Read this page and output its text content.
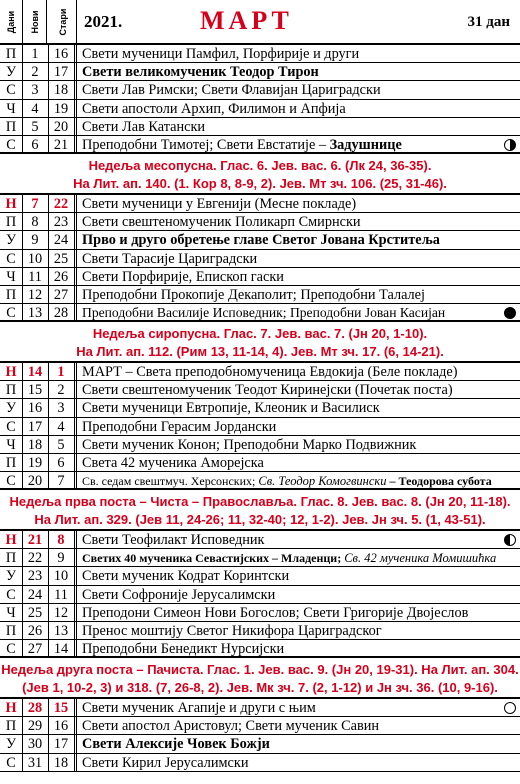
Дани Нови Стари 2021.	МАРТ	31 дан
П	1	16 Свети мученици Памфил, Порфирије и други
У	2	17 Свети великомученик Теодор Тирон
С	3	18 Свети Лав Римски; Свети Флавијан Цариградски
Ч	4	19 Свети апостоли Архип, Филимон и Апфија
П	5	20 Свети Лав Катански
С	6	21 Преподобни Тимотеј; Свети Евстатије – Задушнице
Недеља месопусна. Глас. 6. Јев. вас. 6. (Лк 24, 36-35).
На Лит. ап. 140. (1. Кор 8, 8-9, 2). Јев. Мт зч. 106. (25, 31-46).
Н	7	22 Свети мученици у Евгенији (Месне покладе)
П	8	23 Свети свештеномученик Поликарп Смирнски
У	9	24 Прво и друго обретење главе Светог Јована Крститеља
С 10 25 Свети Тарасије Цариградски
Ч 11 26 Свети Порфирије, Епископ гаски
П 12 27 Преподобни Прокопије Декаполит; Преподобни Талалеј
С 13 28	Преподобни Василије Исповедник; Преподобни Јован Касијан
Недеља сиропусна. Глас. 7. Јев. вас. 7. (Јн 20, 1-10).
На Лит. ап. 112. (Рим 13, 11-14, 4). Јев. Мт зч. 17. (6, 14-21).
Н 14	1	МАРТ – Света преподобномученица Евдокија (Беле покладе)
П 15	2	Свети свештеномученик Теодот Киринејски (Почетак поста)
У 16	3	Свети мученици Евтропије, Клеоник и Василиск
С 17	4	Преподобни Герасим Јордански
Ч 18	5	Свети мученик Конон; Преподобни Марко Подвижник
П 19	6	Света 42 мученика Аморејска
С 20	7	Св. седам свештмуч. Херсонских; Св. Теодор Комогвински – Теодорова субота
Недеља прва поста – Чиста – Православља. Глас. 8. Јев. вас. 8. (Јн 20, 11-18).
На Лит. ап. 329. (Јев 11, 24-26; 11, 32-40; 12, 1-2). Јев. Јн зч. 5. (1, 43-51).
Н 21	8	Свети Теофилакт Исповедник
П 22	9	Светих 40 мученика Севастијских – Младенци; Св. 42 мученика Момишићка
У 23 10 Свети мученик Кодрат Коринтски
С 24 11 Свети Софроније Јерусалимски
Ч 25 12 Преподони Симеон Нови Богослов; Свети Григорије Двојеслов
П 26 13 Пренос моштију Светог Никифора Цариградског
С 27 14 Преподобни Бенедикт Нурсијски
Недеља друга поста – Пачиста. Глас. 1. Јев. вас. 9. (Јн 20, 19-31). На Лит. ап. 304.
(Јев 1, 10-2, 3) и 318. (7, 26-8, 2). Јев. Мк зч. 7. (2, 1-12) и Јн зч. 36. (10, 9-16).
Н 28 15 Свети мученик Агапије и други с њим
П 29 16 Свети апостол Аристовул; Свети мученик Савин
У 30 17 Свети Алексије Човек Божји
С 31 18 Свети Кирил Јерусалимски
